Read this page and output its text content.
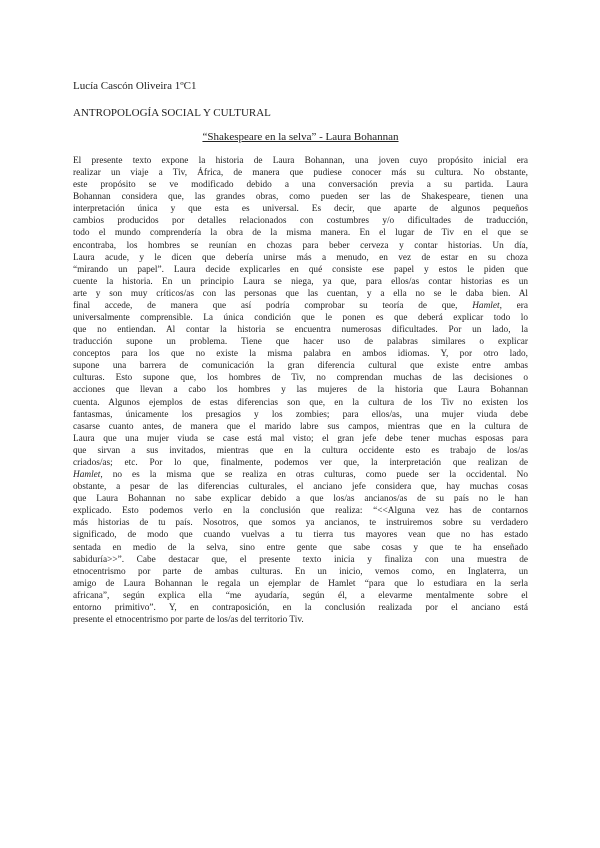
Lucía Cascón Oliveira 1ºC1
ANTROPOLOGÍA SOCIAL Y CULTURAL
“Shakespeare en la selva” - Laura Bohannan
El presente texto expone la historia de Laura Bohannan, una joven cuyo propósito inicial era
realizar un viaje a Tiv, África, de manera que pudiese conocer más su cultura. No obstante,
este propósito se ve modificado debido a una conversación previa a su partida. Laura
Bohannan considera que, las grandes obras, como pueden ser las de Shakespeare, tienen una
interpretación única y que esta es universal. Es decir, que aparte de algunos pequeños
cambios producidos por detalles relacionados con costumbres y/o dificultades de traducción,
todo el mundo comprendería la obra de la misma manera. En el lugar de Tiv en el que se
encontraba, los hombres se reunían en chozas para beber cerveza y contar historias. Un día,
Laura acude, y le dicen que debería unirse más a menudo, en vez de estar en su choza
“mirando un papel”. Laura decide explicarles en qué consiste ese papel y estos le piden que
cuente la historia. En un principio Laura se niega, ya que, para ellos/as contar historias es un
arte y son muy críticos/as con las personas que las cuentan, y a ella no se le daba bien. Al
final accede, de manera que así podría comprobar su teoría de que, Hamlet, era
universalmente comprensible. La única condición que le ponen es que deberá explicar todo lo
que no entiendan. Al contar la historia se encuentra numerosas dificultades. Por un lado, la
traducción supone un problema. Tiene que hacer uso de palabras similares o explicar
conceptos para los que no existe la misma palabra en ambos idiomas. Y, por otro lado,
supone una barrera de comunicación la gran diferencia cultural que existe entre ambas
culturas. Esto supone que, los hombres de Tiv, no comprendan muchas de las decisiones o
acciones que llevan a cabo los hombres y las mujeres de la historia que Laura Bohannan
cuenta. Algunos ejemplos de estas diferencias son que, en la cultura de los Tiv no existen los
fantasmas, únicamente los presagios y los zombies; para ellos/as, una mujer viuda debe
casarse cuanto antes, de manera que el marido labre sus campos, mientras que en la cultura de
Laura que una mujer viuda se case está mal visto; el gran jefe debe tener muchas esposas para
que sirvan a sus invitados, mientras que en la cultura occidente esto es trabajo de los/as
criados/as; etc. Por lo que, finalmente, podemos ver que, la interpretación que realizan de
Hamlet, no es la misma que se realiza en otras culturas, como puede ser la occidental. No
obstante, a pesar de las diferencias culturales, el anciano jefe considera que, hay muchas cosas
que Laura Bohannan no sabe explicar debido a que los/as ancianos/as de su país no le han
explicado. Esto podemos verlo en la conclusión que realiza: “<<Alguna vez has de contarnos
más historias de tu país. Nosotros, que somos ya ancianos, te instruiremos sobre su verdadero
significado, de modo que cuando vuelvas a tu tierra tus mayores vean que no has estado
sentada en medio de la selva, sino entre gente que sabe cosas y que te ha enseñado
sabiduría>>”. Cabe destacar que, el presente texto inicia y finaliza con una muestra de
etnocentrismo por parte de ambas culturas. En un inicio, vemos como, en Inglaterra, un
amigo de Laura Bohannan le regala un ejemplar de Hamlet “para que lo estudiara en la serla
africana”, según explica ella “me ayudaría, según él, a elevarme mentalmente sobre el
entorno primitivo”. Y, en contraposición, en la conclusión realizada por el anciano está
presente el etnocentrismo por parte de los/as del territorio Tiv.
